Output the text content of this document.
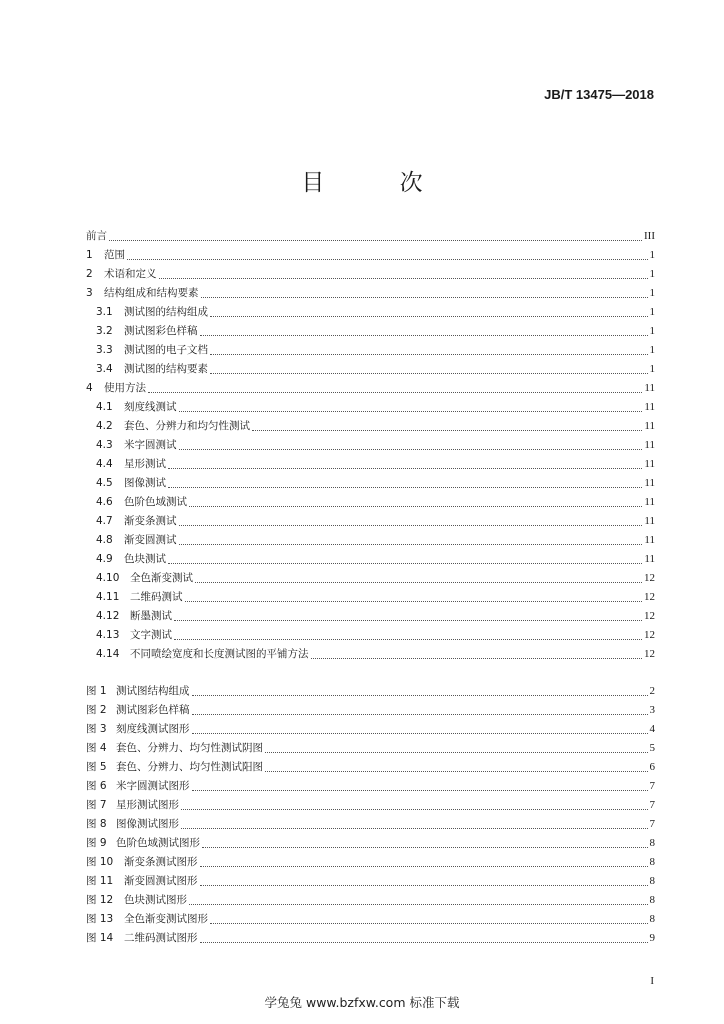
JB/T 13475—2018
目 次
前言	III
1	范围	1
2	术语和定义	1
3	结构组成和结构要素	1
3.1	测试图的结构组成	1
3.2	测试图彩色样稿	1
3.3	测试图的电子文档	1
3.4	测试图的结构要素	1
4	使用方法	11
4.1	刻度线测试	11
4.2	套色、分辨力和均匀性测试	11
4.3	米字圆测试	11
4.4	星形测试	11
4.5	图像测试	11
4.6	色阶色域测试	11
4.7	渐变条测试	11
4.8	渐变圆测试	11
4.9	色块测试	11
4.10	全色渐变测试	12
4.11	二维码测试	12
4.12	断墨测试	12
4.13	文字测试	12
4.14	不同喷绘宽度和长度测试图的平铺方法	12
图 1 测试图结构组成	2
图 2 测试图彩色样稿	3
图 3 刻度线测试图形	4
图 4 套色、分辨力、均匀性测试阴图	5
图 5 套色、分辨力、均匀性测试阳图	6
图 6 米字圆测试图形	7
图 7 星形测试图形	7
图 8 图像测试图形	7
图 9 色阶色域测试图形	8
图 10	渐变条测试图形	8
图 11	渐变圆测试图形	8
图 12	色块测试图形	8
图 13	全色渐变测试图形	8
图 14	二维码测试图形	9
I
学兔兔 www.bzfxw.com 标准下载
